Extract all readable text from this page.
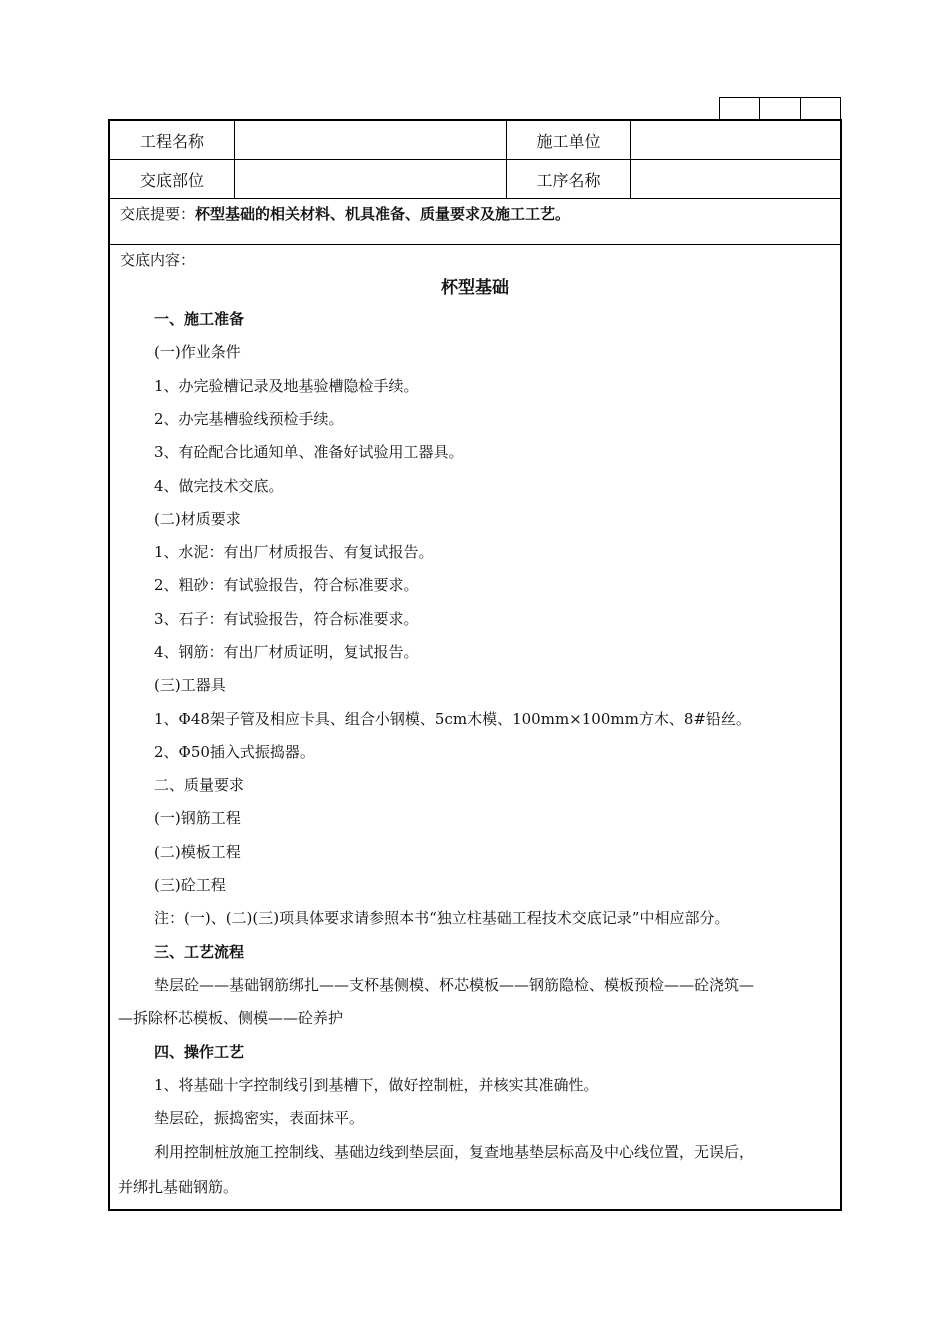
工程名称	施工单位
交底部位	工序名称
交底提要：杯型基础的相关材料、机具准备、质量要求及施工工艺。
交底内容：
杯型基础
一、施工准备
(一)作业条件
1、办完验槽记录及地基验槽隐检手续。
2、办完基槽验线预检手续。
3、有砼配合比通知单、准备好试验用工器具。
4、做完技术交底。
(二)材质要求
1、水泥：有出厂材质报告、有复试报告。
2、粗砂：有试验报告，符合标准要求。
3、石子：有试验报告，符合标准要求。
4、钢筋：有出厂材质证明，复试报告。
(三)工器具
1、Φ48架子管及相应卡具、组合小钢模、5cm木模、100mm×100mm方木、8#铅丝。
2、Φ50插入式振捣器。
二、质量要求
(一)钢筋工程
(二)模板工程
(三)砼工程
注：(一)、(二)(三)项具体要求请参照本书“独立柱基础工程技术交底记录”中相应部分。
三、工艺流程
垫层砼——基础钢筋绑扎——支杯基侧模、杯芯模板——钢筋隐检、模板预检——砼浇筑—
—拆除杯芯模板、侧模——砼养护
四、操作工艺
1、将基础十字控制线引到基槽下，做好控制桩，并核实其准确性。
垫层砼，振捣密实，表面抹平。
利用控制桩放施工控制线、基础边线到垫层面，复查地基垫层标高及中心线位置，无误后，
并绑扎基础钢筋。
